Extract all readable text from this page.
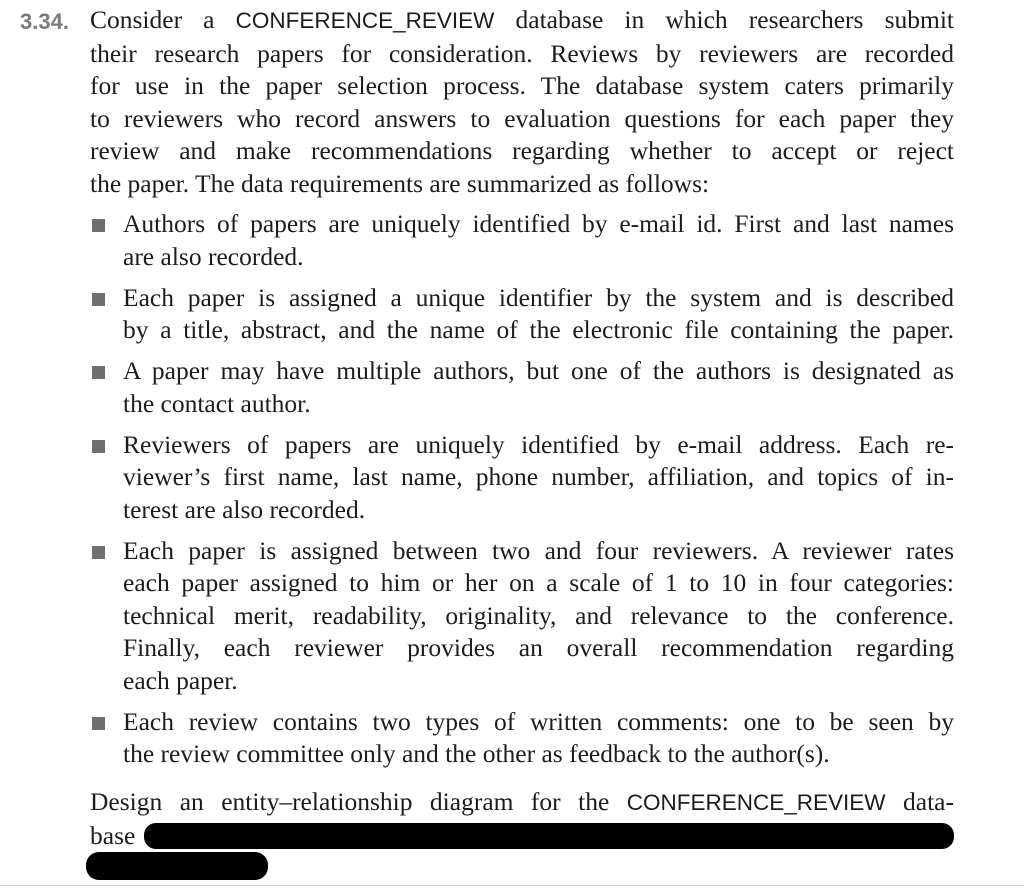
3.34. Consider a CONFERENCE_REVIEW database in which researchers submit
their research papers for consideration. Reviews by reviewers are recorded
for use in the paper selection process. The database system caters primarily
to reviewers who record answers to evaluation questions for each paper they
review and make recommendations regarding whether to accept or reject
the paper. The data requirements are summarized as follows:
Authors of papers are uniquely identified by e-mail id. First and last names
are also recorded.
Each paper is assigned a unique identifier by the system and is described
by a title, abstract, and the name of the electronic file containing the paper.
A paper may have multiple authors, but one of the authors is designated as
the contact author.
Reviewers of papers are uniquely identified by e-mail address. Each re-
viewer’s first name, last name, phone number, affiliation, and topics of in-
terest are also recorded.
Each paper is assigned between two and four reviewers. A reviewer rates
each paper assigned to him or her on a scale of 1 to 10 in four categories:
technical merit, readability, originality, and relevance to the conference.
Finally, each reviewer provides an overall recommendation regarding
each paper.
Each review contains two types of written comments: one to be seen by
the review committee only and the other as feedback to the author(s).
Design an entity–relationship diagram for the CONFERENCE_REVIEW data-
base
